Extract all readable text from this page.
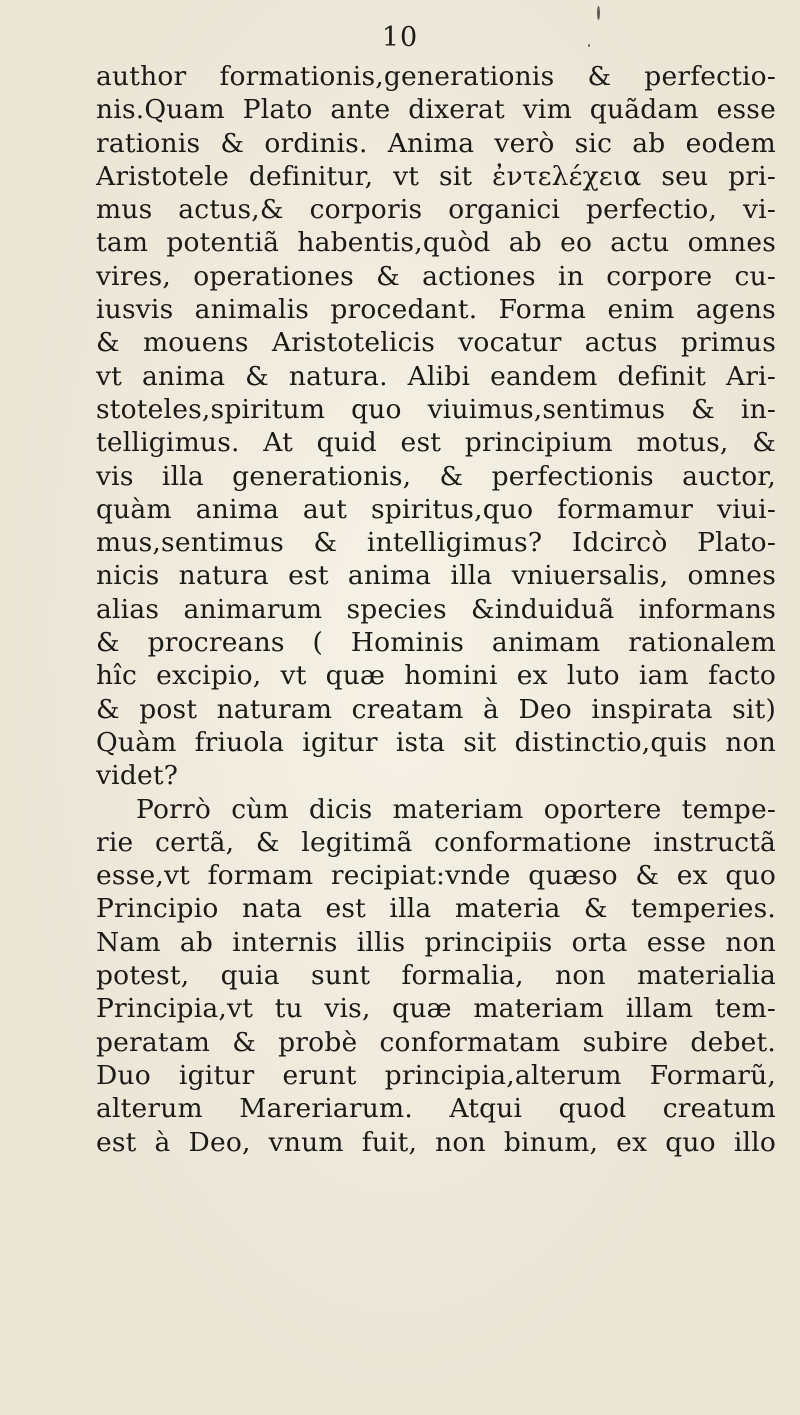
10
author formationis,generationis & perfectio-
nis.Quam Plato ante dixerat vim quãdam esse
rationis & ordinis. Anima verò sic ab eodem
Aristotele definitur, vt sit ἐντελέχεια seu pri-
mus actus,& corporis organici perfectio, vi-
tam potentiã habentis,quòd ab eo actu omnes
vires, operationes & actiones in corpore cu-
iusvis animalis procedant. Forma enim agens
& mouens Aristotelicis vocatur actus primus
vt anima & natura. Alibi eandem definit Ari-
stoteles,spiritum quo viuimus,sentimus & in-
telligimus. At quid est principium motus, &
vis illa generationis, & perfectionis auctor,
quàm anima aut spiritus,quo formamur viui-
mus,sentimus & intelligimus? Idcircò Plato-
nicis natura est anima illa vniuersalis, omnes
alias animarum species &induiduã informans
& procreans ( Hominis animam rationalem
hîc excipio, vt quæ homini ex luto iam facto
& post naturam creatam à Deo inspirata sit)
Quàm friuola igitur ista sit distinctio,quis non
videt?
Porrò cùm dicis materiam oportere tempe-
rie certã, & legitimã conformatione instructã
esse,vt formam recipiat:vnde quæso & ex quo
Principio nata est illa materia & temperies.
Nam ab internis illis principiis orta esse non
potest, quia sunt formalia, non materialia
Principia,vt tu vis, quæ materiam illam tem-
peratam & probè conformatam subire debet.
Duo igitur erunt principia,alterum Formarũ,
alterum Mareriarum. Atqui quod creatum
est à Deo, vnum fuit, non binum, ex quo illo
